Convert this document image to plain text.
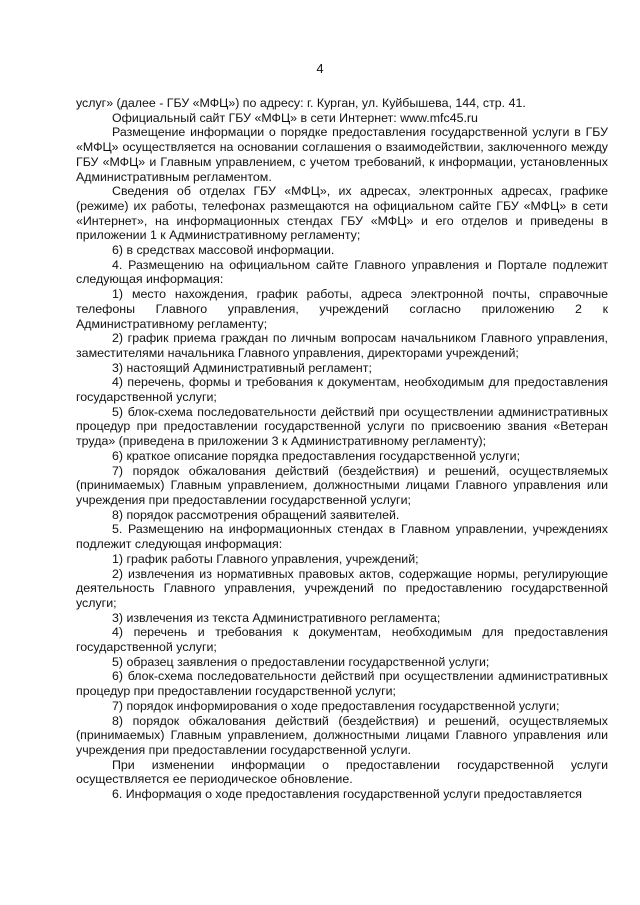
4

услуг» (далее - ГБУ «МФЦ») по адресу: г. Курган, ул. Куйбышева, 144, стр. 41.

Официальный сайт ГБУ «МФЦ» в сети Интернет: www.mfc45.ru

Размещение информации о порядке предоставления государственной услуги в ГБУ «МФЦ» осуществляется на основании соглашения о взаимодействии, заключенного между ГБУ «МФЦ» и Главным управлением, с учетом требований, к информации, установленных Административным регламентом.

Сведения об отделах ГБУ «МФЦ», их адресах, электронных адресах, графике (режиме) их работы, телефонах размещаются на официальном сайте ГБУ «МФЦ» в сети «Интернет», на информационных стендах ГБУ «МФЦ» и его отделов и приведены в приложении 1 к Административному регламенту;

6) в средствах массовой информации.

4. Размещению на официальном сайте Главного управления и Портале подлежит следующая информация:

1) место нахождения, график работы, адреса электронной почты, справочные телефоны Главного управления, учреждений согласно приложению 2 к Административному регламенту;

2) график приема граждан по личным вопросам начальником Главного управления, заместителями начальника Главного управления, директорами учреждений;

3) настоящий Административный регламент;

4) перечень, формы и требования к документам, необходимым для предоставления государственной услуги;

5) блок-схема последовательности действий при осуществлении административных процедур при предоставлении государственной услуги по присвоению звания «Ветеран труда» (приведена в приложении 3 к Административному регламенту);

6) краткое описание порядка предоставления государственной услуги;

7) порядок обжалования действий (бездействия) и решений, осуществляемых (принимаемых) Главным управлением, должностными лицами Главного управления или учреждения при предоставлении государственной услуги;

8) порядок рассмотрения обращений заявителей.

5. Размещению на информационных стендах в Главном управлении, учреждениях подлежит следующая информация:

1) график работы Главного управления, учреждений;

2) извлечения из нормативных правовых актов, содержащие нормы, регулирующие деятельность Главного управления, учреждений по предоставлению государственной услуги;

3) извлечения из текста Административного регламента;

4) перечень и требования к документам, необходимым для предоставления государственной услуги;

5) образец заявления о предоставлении государственной услуги;

6) блок-схема последовательности действий при осуществлении административных процедур при предоставлении государственной услуги;

7) порядок информирования о ходе предоставления государственной услуги;

8) порядок обжалования действий (бездействия) и решений, осуществляемых (принимаемых) Главным управлением, должностными лицами Главного управления или учреждения при предоставлении государственной услуги.

При изменении информации о предоставлении государственной услуги осуществляется ее периодическое обновление.

6. Информация о ходе предоставления государственной услуги предоставляется
